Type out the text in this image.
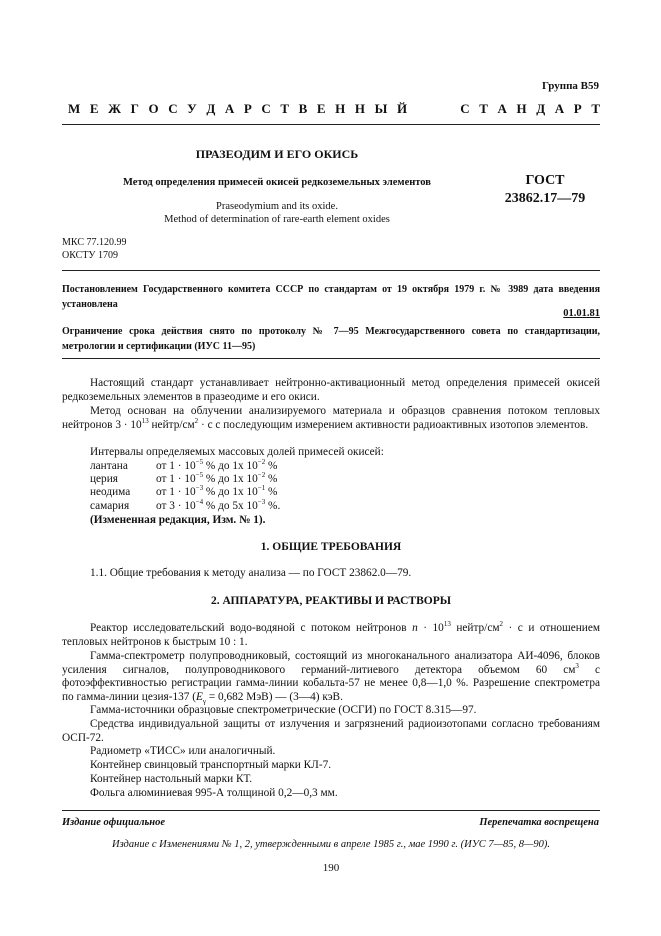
Группа В59
М Е Ж Г О С У Д А Р С Т В Е Н Н Ы Й	С Т А Н Д А Р Т
ПРАЗЕОДИМ И ЕГО ОКИСЬ
Метод определения примесей окисей редкоземельных элементов	ГОСТ
23862.17—79
Praseodymium and its oxide.
Method of determination of rare-earth element oxides
МКС 77.120.99
ОКСТУ 1709
Постановлением Государственного комитета СССР по стандартам от 19 октября 1979 г. № 3989 дата введения установлена
01.01.81
Ограничение срока действия снято по протоколу № 7—95 Межгосударственного совета по стандартизации, метрологии и сертификации (ИУС 11—95)
Настоящий стандарт устанавливает нейтронно-активационный метод определения примесей окисей редкоземельных элементов в празеодиме и его окиси.
Метод основан на облучении анализируемого материала и образцов сравнения потоком тепловых нейтронов $3 \cdot 10^{13}$ нейтр/$см^2 \cdot с$ с последующим измерением активности радиоактивных изотопов элементов.
Интервалы определяемых массовых долей примесей окисей:
лантана	от $1 \cdot 10^{-5}$ % до 1х $10^{-2}$ %
церия	от $1 \cdot 10^{-5}$ % до 1х $10^{-2}$ %
неодима	от $1 \cdot 10^{-3}$ % до 1х $10^{-1}$ %
самария	от $3 \cdot 10^{-4}$ % до 5х $10^{-3}$ %.
(Измененная редакция, Изм. № 1).
1. ОБЩИЕ ТРЕБОВАНИЯ
1.1. Общие требования к методу анализа — по ГОСТ 23862.0—79.
2. АППАРАТУРА, РЕАКТИВЫ И РАСТВОРЫ
Реактор исследовательский водо-водяной с потоком нейтронов $n \cdot 10^{13}$ нейтр/$см^2 \cdot с$ и отношением тепловых нейтронов к быстрым 10 : 1.
Гамма-спектрометр полупроводниковый, состоящий из многоканального анализатора АИ-4096, блоков усиления сигналов, полупроводникового германий-литиевого детектора объемом 60 $см^3$ с фотоэффективностью регистрации гамма-линии кобальта-57 не менее 0,8—1,0 %. Разрешение спектрометра по гамма-линии цезия-137 ($E_\gamma = 0,682$ МэВ) — (3—4) кэВ.
Гамма-источники образцовые спектрометрические (ОСГИ) по ГОСТ 8.315—97.
Средства индивидуальной защиты от излучения и загрязнений радиоизотопами согласно требованиям ОСП-72.
Радиометр «ТИСС» или аналогичный.
Контейнер свинцовый транспортный марки КЛ-7.
Контейнер настольный марки КТ.
Фольга алюминиевая 995-А толщиной 0,2—0,3 мм.
Издание официальное	Перепечатка воспрещена
Издание с Изменениями № 1, 2, утвержденными в апреле 1985 г., мае 1990 г. (ИУС 7—85, 8—90).
190
